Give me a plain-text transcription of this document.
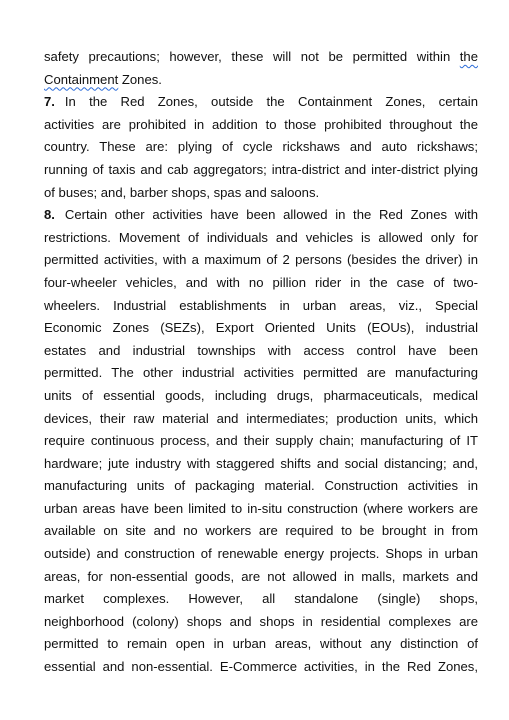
safety precautions; however, these will not be permitted within the
Containment Zones.
7. In the Red Zones, outside the Containment Zones, certain
activities are prohibited in addition to those prohibited throughout the
country. These are: plying of cycle rickshaws and auto rickshaws;
running of taxis and cab aggregators; intra-district and inter-district plying
of buses; and, barber shops, spas and saloons.
8. Certain other activities have been allowed in the Red Zones with
restrictions. Movement of individuals and vehicles is allowed only for
permitted activities, with a maximum of 2 persons (besides the driver) in
four-wheeler vehicles, and with no pillion rider in the case of two-
wheelers. Industrial establishments in urban areas, viz., Special
Economic Zones (SEZs), Export Oriented Units (EOUs), industrial
estates and industrial townships with access control have been
permitted. The other industrial activities permitted are manufacturing
units of essential goods, including drugs, pharmaceuticals, medical
devices, their raw material and intermediates; production units, which
require continuous process, and their supply chain; manufacturing of IT
hardware; jute industry with staggered shifts and social distancing; and,
manufacturing units of packaging material. Construction activities in
urban areas have been limited to in-situ construction (where workers are
available on site and no workers are required to be brought in from
outside) and construction of renewable energy projects. Shops in urban
areas, for non-essential goods, are not allowed in malls, markets and
market complexes. However, all standalone (single) shops,
neighborhood (colony) shops and shops in residential complexes are
permitted to remain open in urban areas, without any distinction of
essential and non-essential. E-Commerce activities, in the Red Zones,
